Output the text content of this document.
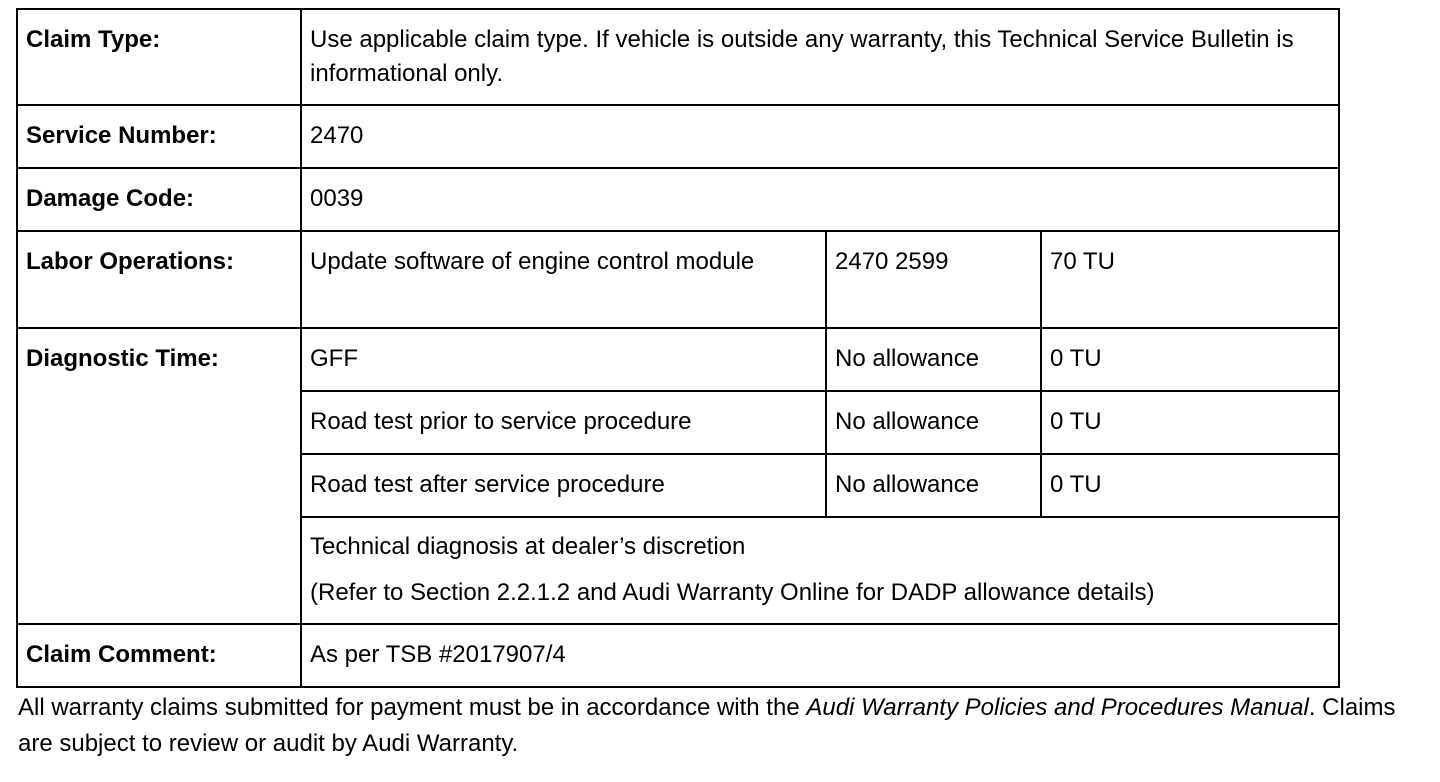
Claim Type:	Use applicable claim type. If vehicle is outside any warranty, this Technical Service Bulletin is informational only.		
Service Number:	2470		
Damage Code:	0039		
Labor Operations:	Update software of engine control module	2470 2599	70 TU
Diagnostic Time:	GFF	No allowance	0 TU
	Road test prior to service procedure	No allowance	0 TU
	Road test after service procedure	No allowance	0 TU
	Technical diagnosis at dealer’s discretion
(Refer to Section 2.2.1.2 and Audi Warranty Online for DADP allowance details)		

Claim Comment:	As per TSB #2017907/4		
All warranty claims submitted for payment must be in accordance with the Audi Warranty Policies and Procedures Manual. Claims are subject to review or audit by Audi Warranty.
